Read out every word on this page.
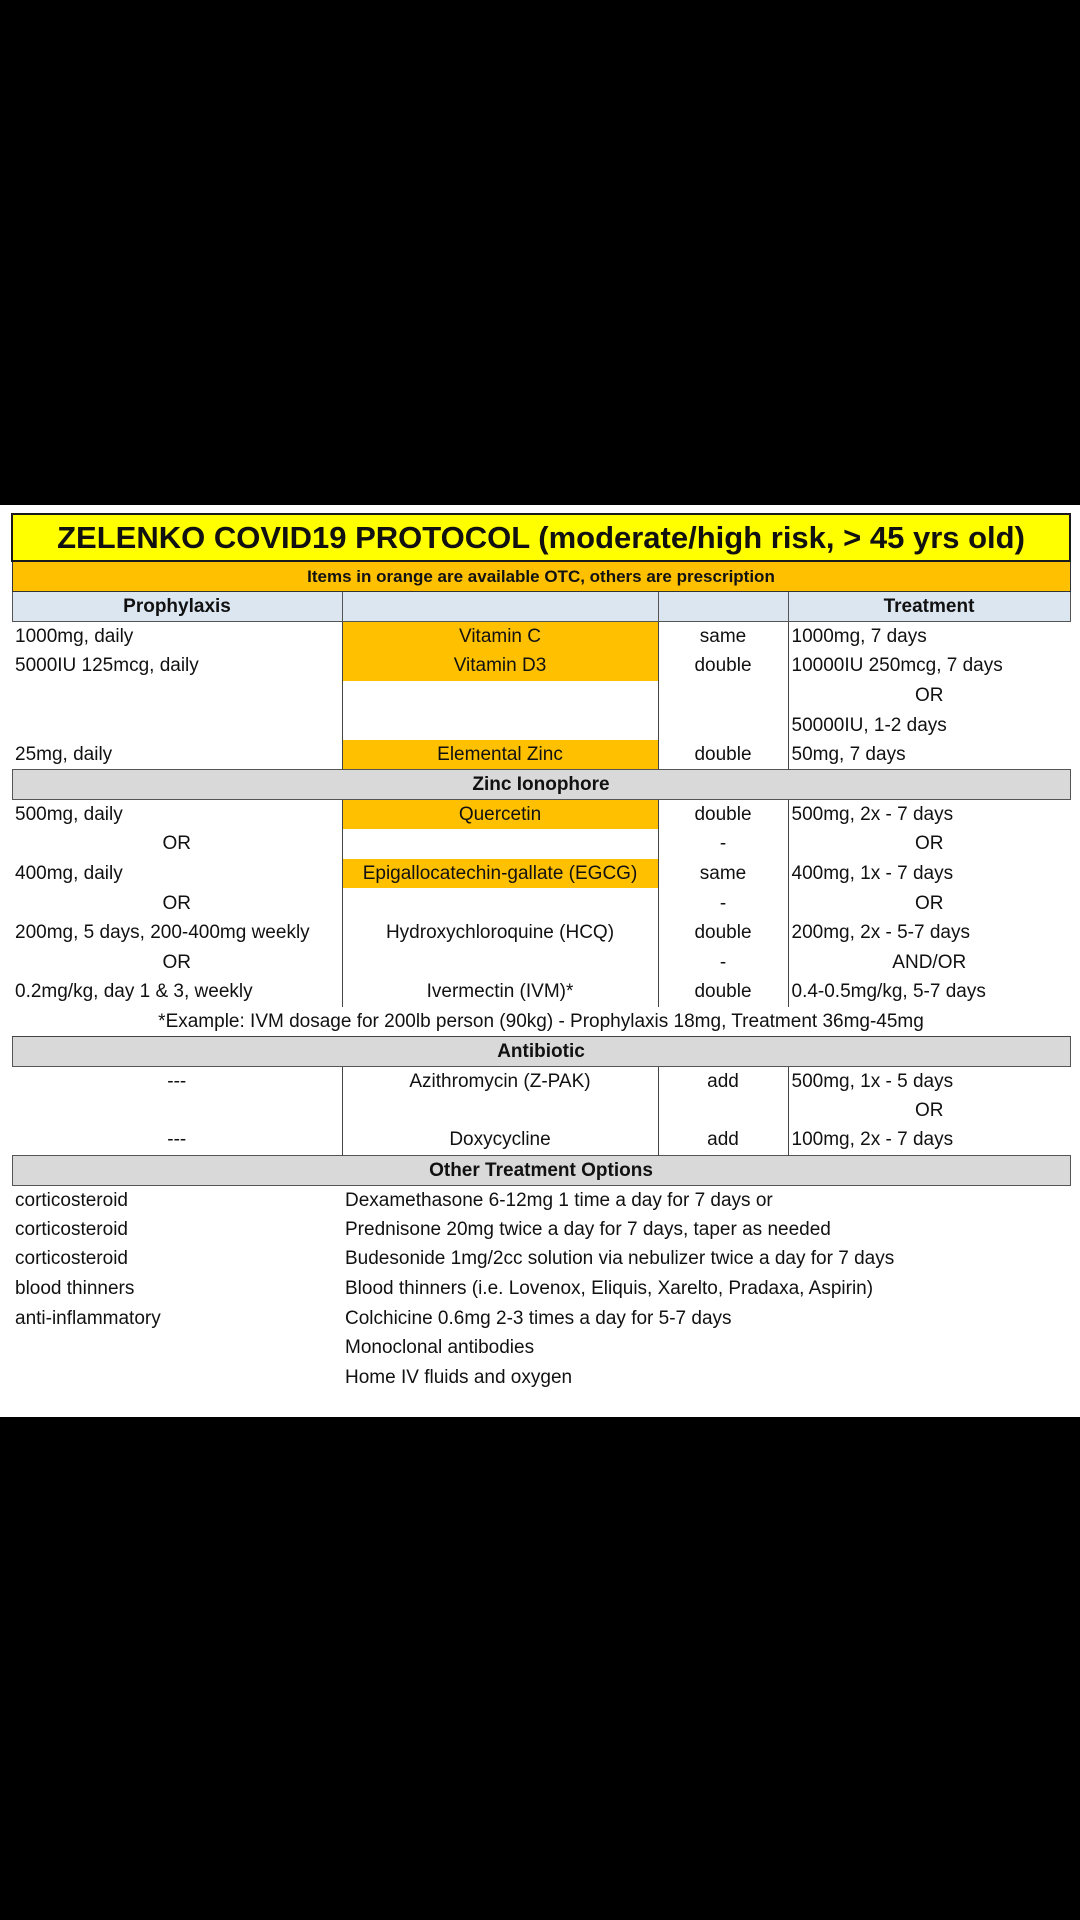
ZELENKO COVID19 PROTOCOL (moderate/high risk, > 45 yrs old)			
Items in orange are available OTC, others are prescription			
Prophylaxis			Treatment
1000mg, daily	Vitamin C	same	1000mg, 7 days
5000IU 125mcg, daily	Vitamin D3	double	10000IU 250mcg, 7 days
			OR
			50000IU, 1-2 days
25mg, daily	Elemental Zinc	double	50mg, 7 days
Zinc Ionophore			
500mg, daily	Quercetin	double	500mg, 2x - 7 days
OR		-	OR
400mg, daily	Epigallocatechin-gallate (EGCG)	same	400mg, 1x - 7 days
OR		-	OR
200mg, 5 days, 200-400mg weekly	Hydroxychloroquine (HCQ)	double	200mg, 2x - 5-7 days
OR		-	AND/OR
0.2mg/kg, day 1 & 3, weekly	Ivermectin (IVM)*	double	0.4-0.5mg/kg, 5-7 days
*Example: IVM dosage for 200lb person (90kg) - Prophylaxis 18mg, Treatment 36mg-45mg			
Antibiotic			
---	Azithromycin (Z-PAK)	add	500mg, 1x - 5 days
			OR
---	Doxycycline	add	100mg, 2x - 7 days
Other Treatment Options			
corticosteroid	Dexamethasone 6-12mg 1 time a day for 7 days or		
corticosteroid	Prednisone 20mg twice a day for 7 days, taper as needed		
corticosteroid	Budesonide 1mg/2cc solution via nebulizer twice a day for 7 days		
blood thinners	Blood thinners (i.e. Lovenox, Eliquis, Xarelto, Pradaxa, Aspirin)		
anti-inflammatory	Colchicine 0.6mg 2-3 times a day for 5-7 days		
	Monoclonal antibodies		
	Home IV fluids and oxygen		
